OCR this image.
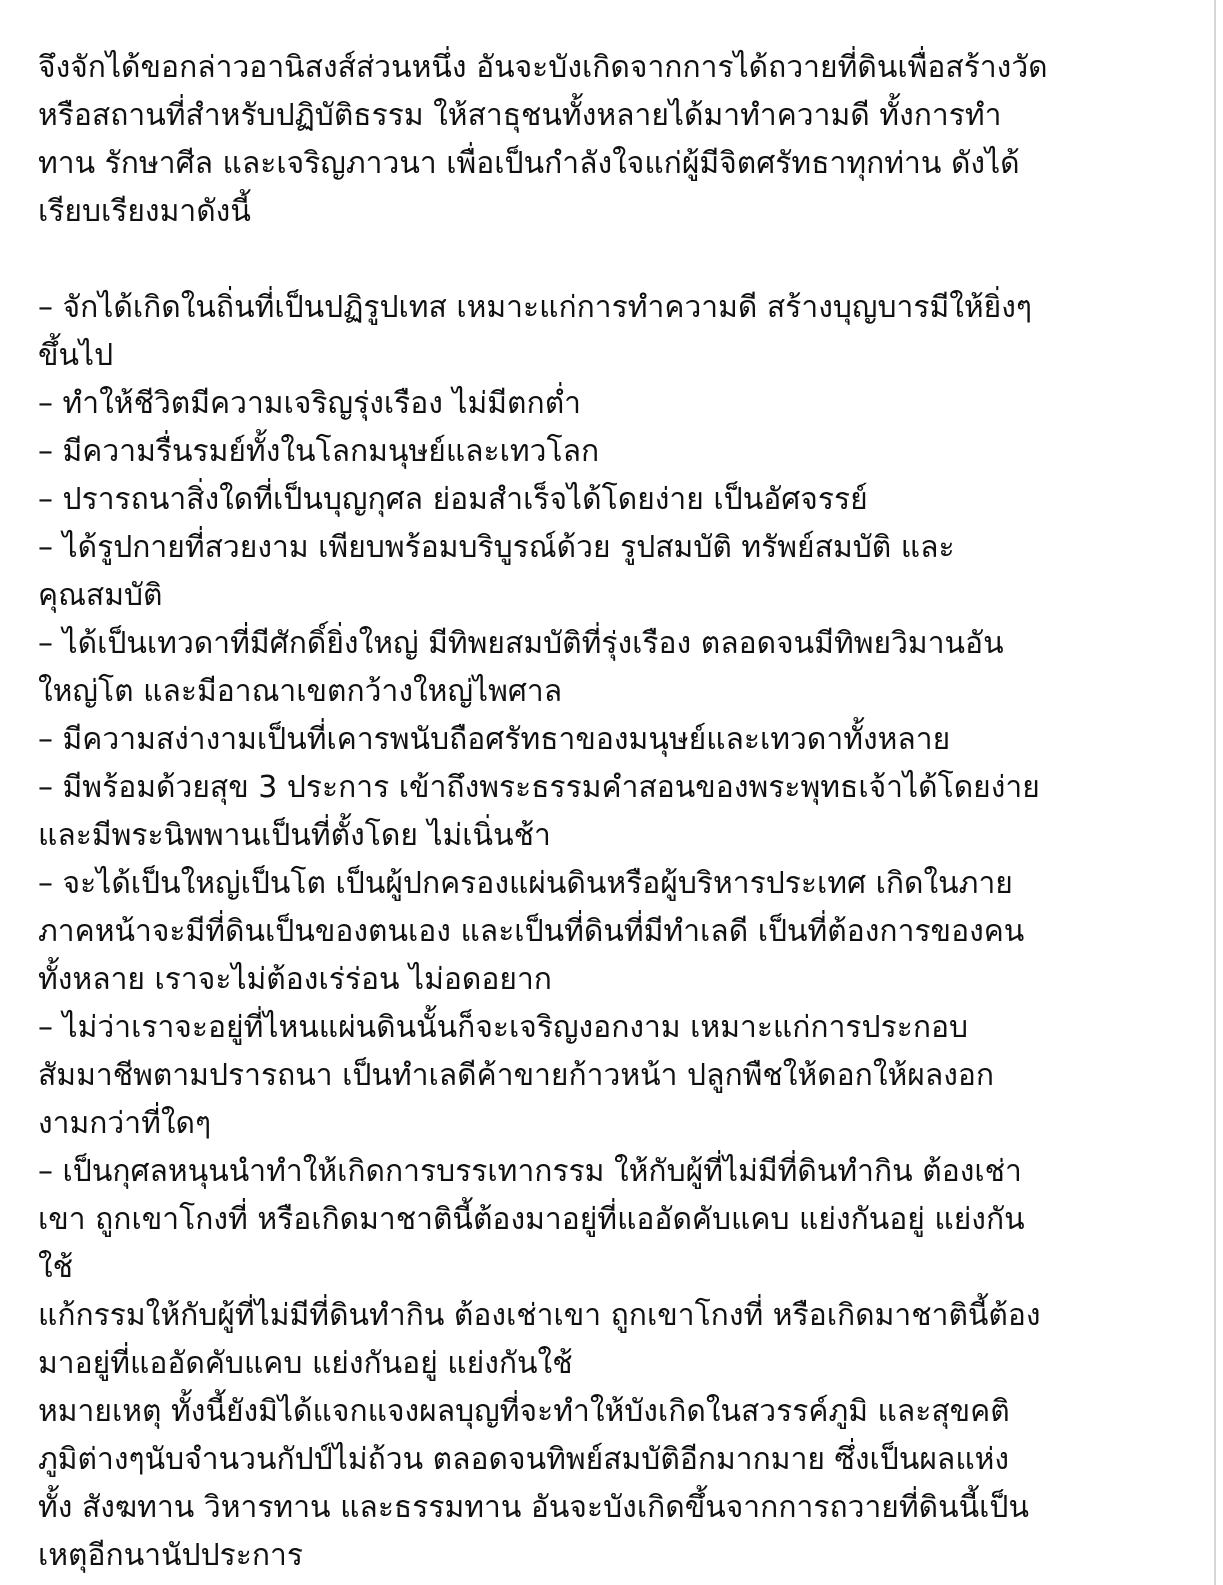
จึงจักได้ขอกล่าวอานิสงส์ส่วนหนึ่ง อันจะบังเกิดจากการได้ถวายที่ดินเพื่อสร้างวัด

หรือสถานที่สำหรับปฏิบัติธรรม ให้สาธุชนทั้งหลายได้มาทำความดี ทั้งการทำ

ทาน รักษาศีล และเจริญภาวนา เพื่อเป็นกำลังใจแก่ผู้มีจิตศรัทธาทุกท่าน ดังได้

เรียบเรียงมาดังนี้

– จักได้เกิดในถิ่นที่เป็นปฏิรูปเทส เหมาะแก่การทำความดี สร้างบุญบารมีให้ยิ่งๆ

ขึ้นไป

– ทำให้ชีวิตมีความเจริญรุ่งเรือง ไม่มีตกต่ำ

– มีความรื่นรมย์ทั้งในโลกมนุษย์และเทวโลก

– ปรารถนาสิ่งใดที่เป็นบุญกุศล ย่อมสำเร็จได้โดยง่าย เป็นอัศจรรย์

– ได้รูปกายที่สวยงาม เพียบพร้อมบริบูรณ์ด้วย รูปสมบัติ ทรัพย์สมบัติ และ

คุณสมบัติ

– ได้เป็นเทวดาที่มีศักดิ์ยิ่งใหญ่ มีทิพยสมบัติที่รุ่งเรือง ตลอดจนมีทิพยวิมานอัน

ใหญ่โต และมีอาณาเขตกว้างใหญ่ไพศาล

– มีความสง่างามเป็นที่เคารพนับถือศรัทธาของมนุษย์และเทวดาทั้งหลาย

– มีพร้อมด้วยสุข 3 ประการ เข้าถึงพระธรรมคำสอนของพระพุทธเจ้าได้โดยง่าย

และมีพระนิพพานเป็นที่ตั้งโดย ไม่เนิ่นช้า

– จะได้เป็นใหญ่เป็นโต เป็นผู้ปกครองแผ่นดินหรือผู้บริหารประเทศ เกิดในภาย

ภาคหน้าจะมีที่ดินเป็นของตนเอง และเป็นที่ดินที่มีทำเลดี เป็นที่ต้องการของคน

ทั้งหลาย เราจะไม่ต้องเร่ร่อน ไม่อดอยาก

– ไม่ว่าเราจะอยู่ที่ไหนแผ่นดินนั้นก็จะเจริญงอกงาม เหมาะแก่การประกอบ

สัมมาชีพตามปรารถนา เป็นทำเลดีค้าขายก้าวหน้า ปลูกพืชให้ดอกให้ผลงอก

งามกว่าที่ใดๆ

– เป็นกุศลหนุนนำทำให้เกิดการบรรเทากรรม ให้กับผู้ที่ไม่มีที่ดินทำกิน ต้องเช่า

เขา ถูกเขาโกงที่ หรือเกิดมาชาตินี้ต้องมาอยู่ที่แออัดคับแคบ แย่งกันอยู่ แย่งกัน

ใช้

แก้กรรมให้กับผู้ที่ไม่มีที่ดินทำกิน ต้องเช่าเขา ถูกเขาโกงที่ หรือเกิดมาชาตินี้ต้อง

มาอยู่ที่แออัดคับแคบ แย่งกันอยู่ แย่งกันใช้

หมายเหตุ ทั้งนี้ยังมิได้แจกแจงผลบุญที่จะทำให้บังเกิดในสวรรค์ภูมิ และสุขคติ

ภูมิต่างๆนับจำนวนกัปป์ไม่ถ้วน ตลอดจนทิพย์สมบัติอีกมากมาย ซึ่งเป็นผลแห่ง

ทั้ง สังฆทาน วิหารทาน และธรรมทาน อันจะบังเกิดขึ้นจากการถวายที่ดินนี้เป็น

เหตุอีกนานัปประการ
